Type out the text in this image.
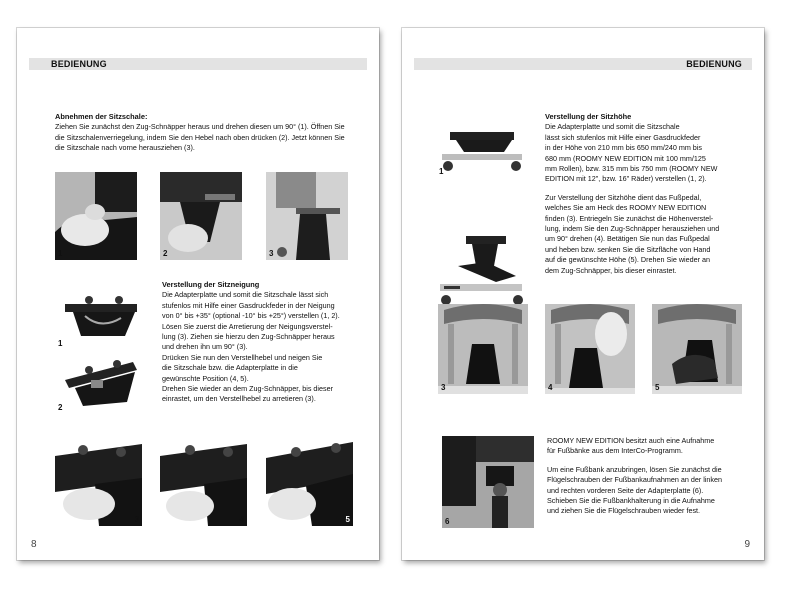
BEDIENUNG
Abnehmen der Sitzschale:

Ziehen Sie zunächst den Zug-Schnäpper heraus und drehen diesen um 90° (1). Öffnen Sie

die Sitzschalenverriegelung, indem Sie den Hebel nach oben drücken (2). Jetzt können Sie

die Sitzschale nach vorne herausziehen (3).

1	2	3
1
2
Verstellung der Sitzneigung

Die Adapterplatte und somit die Sitzschale lässt sich

stufenlos mit Hilfe einer Gasdruckfeder in der Neigung

von 0° bis +35° (optional -10° bis +25°) verstellen (1, 2).

Lösen Sie zuerst die Arretierung der Neigungsverstel-

lung (3). Ziehen sie hierzu den Zug-Schnäpper heraus

und drehen ihn um 90° (3).

Drücken Sie nun den Verstellhebel und neigen Sie

die Sitzschale bzw. die Adapterplatte in die

gewünschte Position (4, 5).

Drehen Sie wieder an dem Zug-Schnäpper, bis dieser

einrastet, um den Verstellhebel zu arretieren (3).

3	4	5
8
BEDIENUNG
1
Verstellung der Sitzhöhe

Die Adapterplatte und somit die Sitzschale

lässt sich stufenlos mit Hilfe einer Gasdruckfeder

in der Höhe von 210 mm bis 650 mm/240 mm bis

680 mm (ROOMY NEW EDITION mit 100 mm/125

mm Rollen), bzw. 315 mm bis 750 mm (ROOMY NEW

EDITION mit 12", bzw. 16" Räder) verstellen (1, 2).

Zur Verstellung der Sitzhöhe dient das Fußpedal,

welches Sie am Heck des ROOMY NEW EDITION

finden (3). Entriegeln Sie zunächst die Höhenverstel-

lung, indem Sie den Zug-Schnäpper herausziehen und

um 90° drehen (4). Betätigen Sie nun das Fußpedal

und heben bzw. senken Sie die Sitzfläche von Hand

auf die gewünschte Höhe (5). Drehen Sie wieder an

dem Zug-Schnäpper, bis dieser einrastet.

3	4	5
6

ROOMY NEW EDITION besitzt auch eine Aufnahme

für Fußbänke aus dem InterCo-Programm.

Um eine Fußbank anzubringen, lösen Sie zunächst die

Flügelschrauben der Fußbankaufnahmen an der linken

und rechten vorderen Seite der Adapterplatte (6).

Schieben Sie die Fußbankhalterung in die Aufnahme

und ziehen Sie die Flügelschrauben wieder fest.

9
